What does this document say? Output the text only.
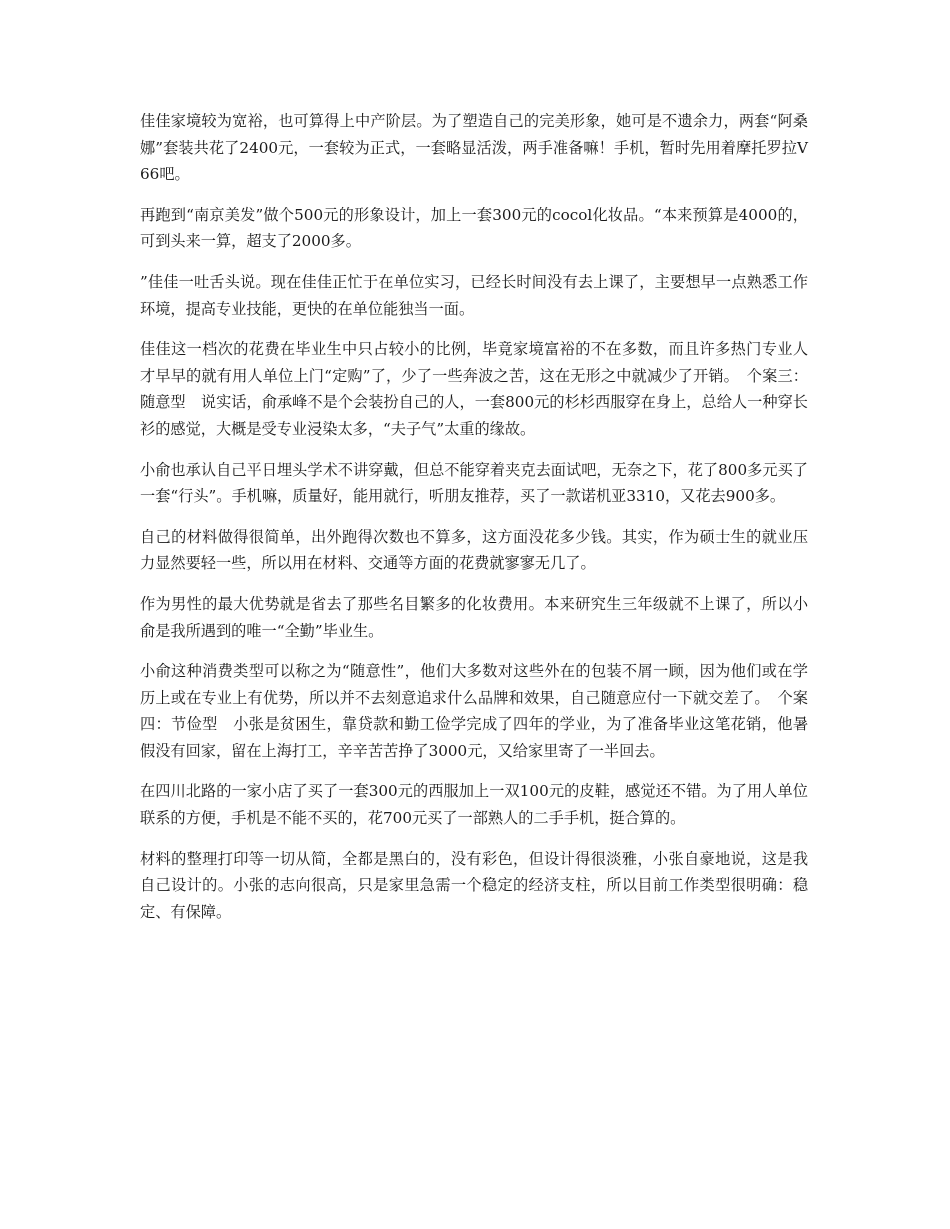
佳佳家境较为宽裕，也可算得上中产阶层。为了塑造自己的完美形象，她可是不遗余力，两套“阿桑娜”套装共花了2400元，一套较为正式，一套略显活泼，两手准备嘛！手机，暂时先用着摩托罗拉V66吧。

再跑到“南京美发”做个500元的形象设计，加上一套300元的cocol化妆品。“本来预算是4000的，可到头来一算，超支了2000多。

”佳佳一吐舌头说。现在佳佳正忙于在单位实习，已经长时间没有去上课了，主要想早一点熟悉工作环境，提高专业技能，更快的在单位能独当一面。

佳佳这一档次的花费在毕业生中只占较小的比例，毕竟家境富裕的不在多数，而且许多热门专业人才早早的就有用人单位上门“定购”了，少了一些奔波之苦，这在无形之中就减少了开销。　个案三：随意型　说实话，俞承峰不是个会装扮自己的人，一套800元的杉杉西服穿在身上，总给人一种穿长衫的感觉，大概是受专业浸染太多，“夫子气”太重的缘故。

小俞也承认自己平日埋头学术不讲穿戴，但总不能穿着夹克去面试吧，无奈之下，花了800多元买了一套“行头”。手机嘛，质量好，能用就行，听朋友推荐，买了一款诺机亚3310，又花去900多。

自己的材料做得很简单，出外跑得次数也不算多，这方面没花多少钱。其实，作为硕士生的就业压力显然要轻一些，所以用在材料、交通等方面的花费就寥寥无几了。

作为男性的最大优势就是省去了那些名目繁多的化妆费用。本来研究生三年级就不上课了，所以小俞是我所遇到的唯一“全勤”毕业生。

小俞这种消费类型可以称之为“随意性”，他们大多数对这些外在的包装不屑一顾，因为他们或在学历上或在专业上有优势，所以并不去刻意追求什么品牌和效果，自己随意应付一下就交差了。　个案四：节俭型　小张是贫困生，靠贷款和勤工俭学完成了四年的学业，为了准备毕业这笔花销，他暑假没有回家，留在上海打工，辛辛苦苦挣了3000元，又给家里寄了一半回去。

在四川北路的一家小店了买了一套300元的西服加上一双100元的皮鞋，感觉还不错。为了用人单位联系的方便，手机是不能不买的，花700元买了一部熟人的二手手机，挺合算的。

材料的整理打印等一切从简，全都是黑白的，没有彩色，但设计得很淡雅，小张自豪地说，这是我自己设计的。小张的志向很高，只是家里急需一个稳定的经济支柱，所以目前工作类型很明确：稳定、有保障。
